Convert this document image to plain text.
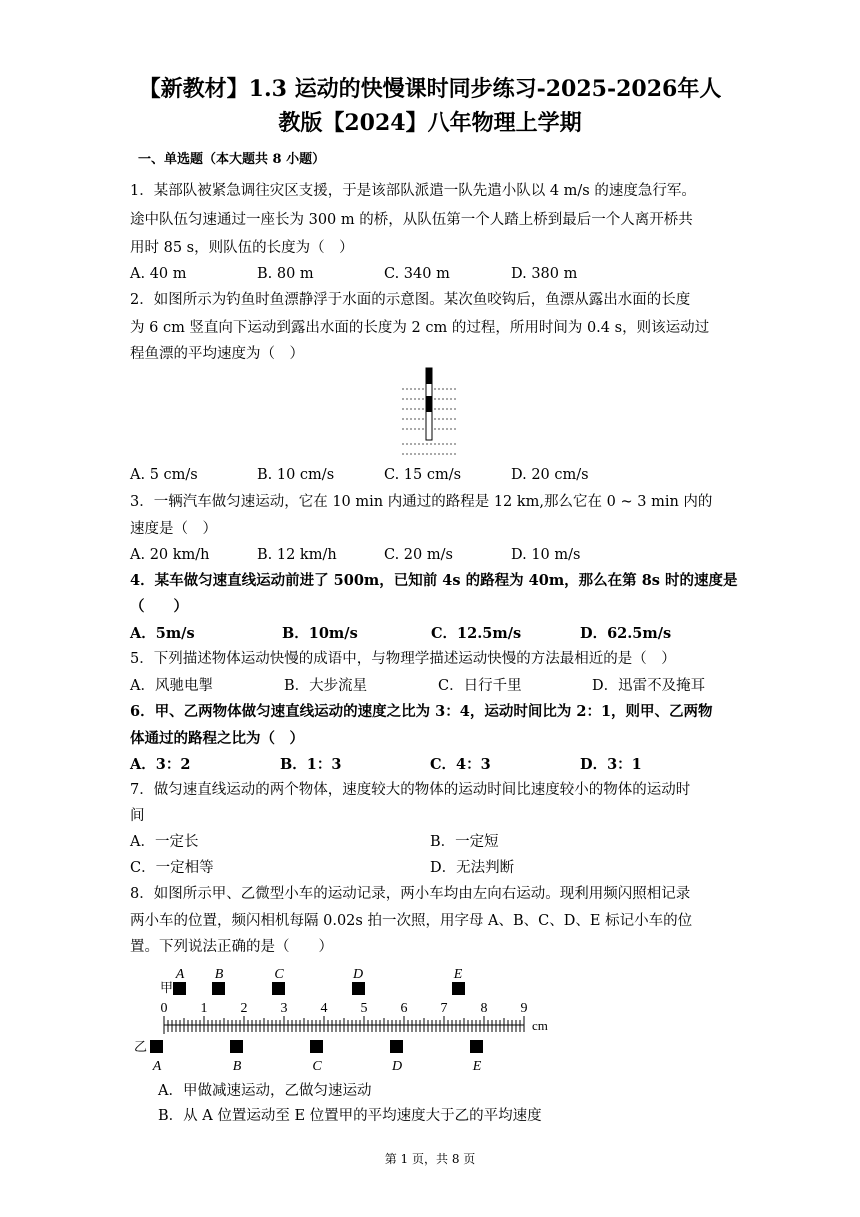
【新教材】1.3 运动的快慢课时同步练习-2025-2026年人
教版【2024】八年物理上学期
一、单选题（本大题共 8 小题）
1．某部队被紧急调往灾区支援，于是该部队派遣一队先遣小队以 4 m/s 的速度急行军。
途中队伍匀速通过一座长为 300 m 的桥，从队伍第一个人踏上桥到最后一个人离开桥共
用时 85 s，则队伍的长度为（　）
A. 40 m	B. 80 m	C. 340 m	D. 380 m
2．如图所示为钓鱼时鱼漂静浮于水面的示意图。某次鱼咬钩后，鱼漂从露出水面的长度
为 6 cm 竖直向下运动到露出水面的长度为 2 cm 的过程，所用时间为 0.4 s，则该运动过
程鱼漂的平均速度为（　）
A. 5 cm/s	B. 10 cm/s	C. 15 cm/s	D. 20 cm/s
3．一辆汽车做匀速运动，它在 10 min 内通过的路程是 12 km,那么它在 0 ~ 3 min 内的
速度是（　）
A. 20 km/h	B. 12 km/h	C. 20 m/s	D. 10 m/s
4．某车做匀速直线运动前进了 500m，已知前 4s 的路程为 40m，那么在第 8s 时的速度是
（　　）
A．5m/s	B．10m/s	C．12.5m/s	D．62.5m/s
5．下列描述物体运动快慢的成语中，与物理学描述运动快慢的方法最相近的是（　）
A．风驰电掣	B．大步流星	C．日行千里	D．迅雷不及掩耳
6．甲、乙两物体做匀速直线运动的速度之比为 3：4，运动时间比为 2：1，则甲、乙两物
体通过的路程之比为（　）
A．3：2	B．1：3	C．4：3	D．3：1
7．做匀速直线运动的两个物体，速度较大的物体的运动时间比速度较小的物体的运动时
间
A．一定长	B．一定短
C．一定相等	D．无法判断
8．如图所示甲、乙微型小车的运动记录，两小车均由左向右运动。现利用频闪照相记录
两小车的位置，频闪相机每隔 0.02s 拍一次照，用字母 A、B、C、D、E 标记小车的位
置。下列说法正确的是（　　）
A B	C	D	E
甲
0 1 2 3 4 5 6 7 8 9
cm
乙
A	B	C	D	E
A．甲做减速运动，乙做匀速运动
B．从 A 位置运动至 E 位置甲的平均速度大于乙的平均速度
第 1 页，共 8 页
